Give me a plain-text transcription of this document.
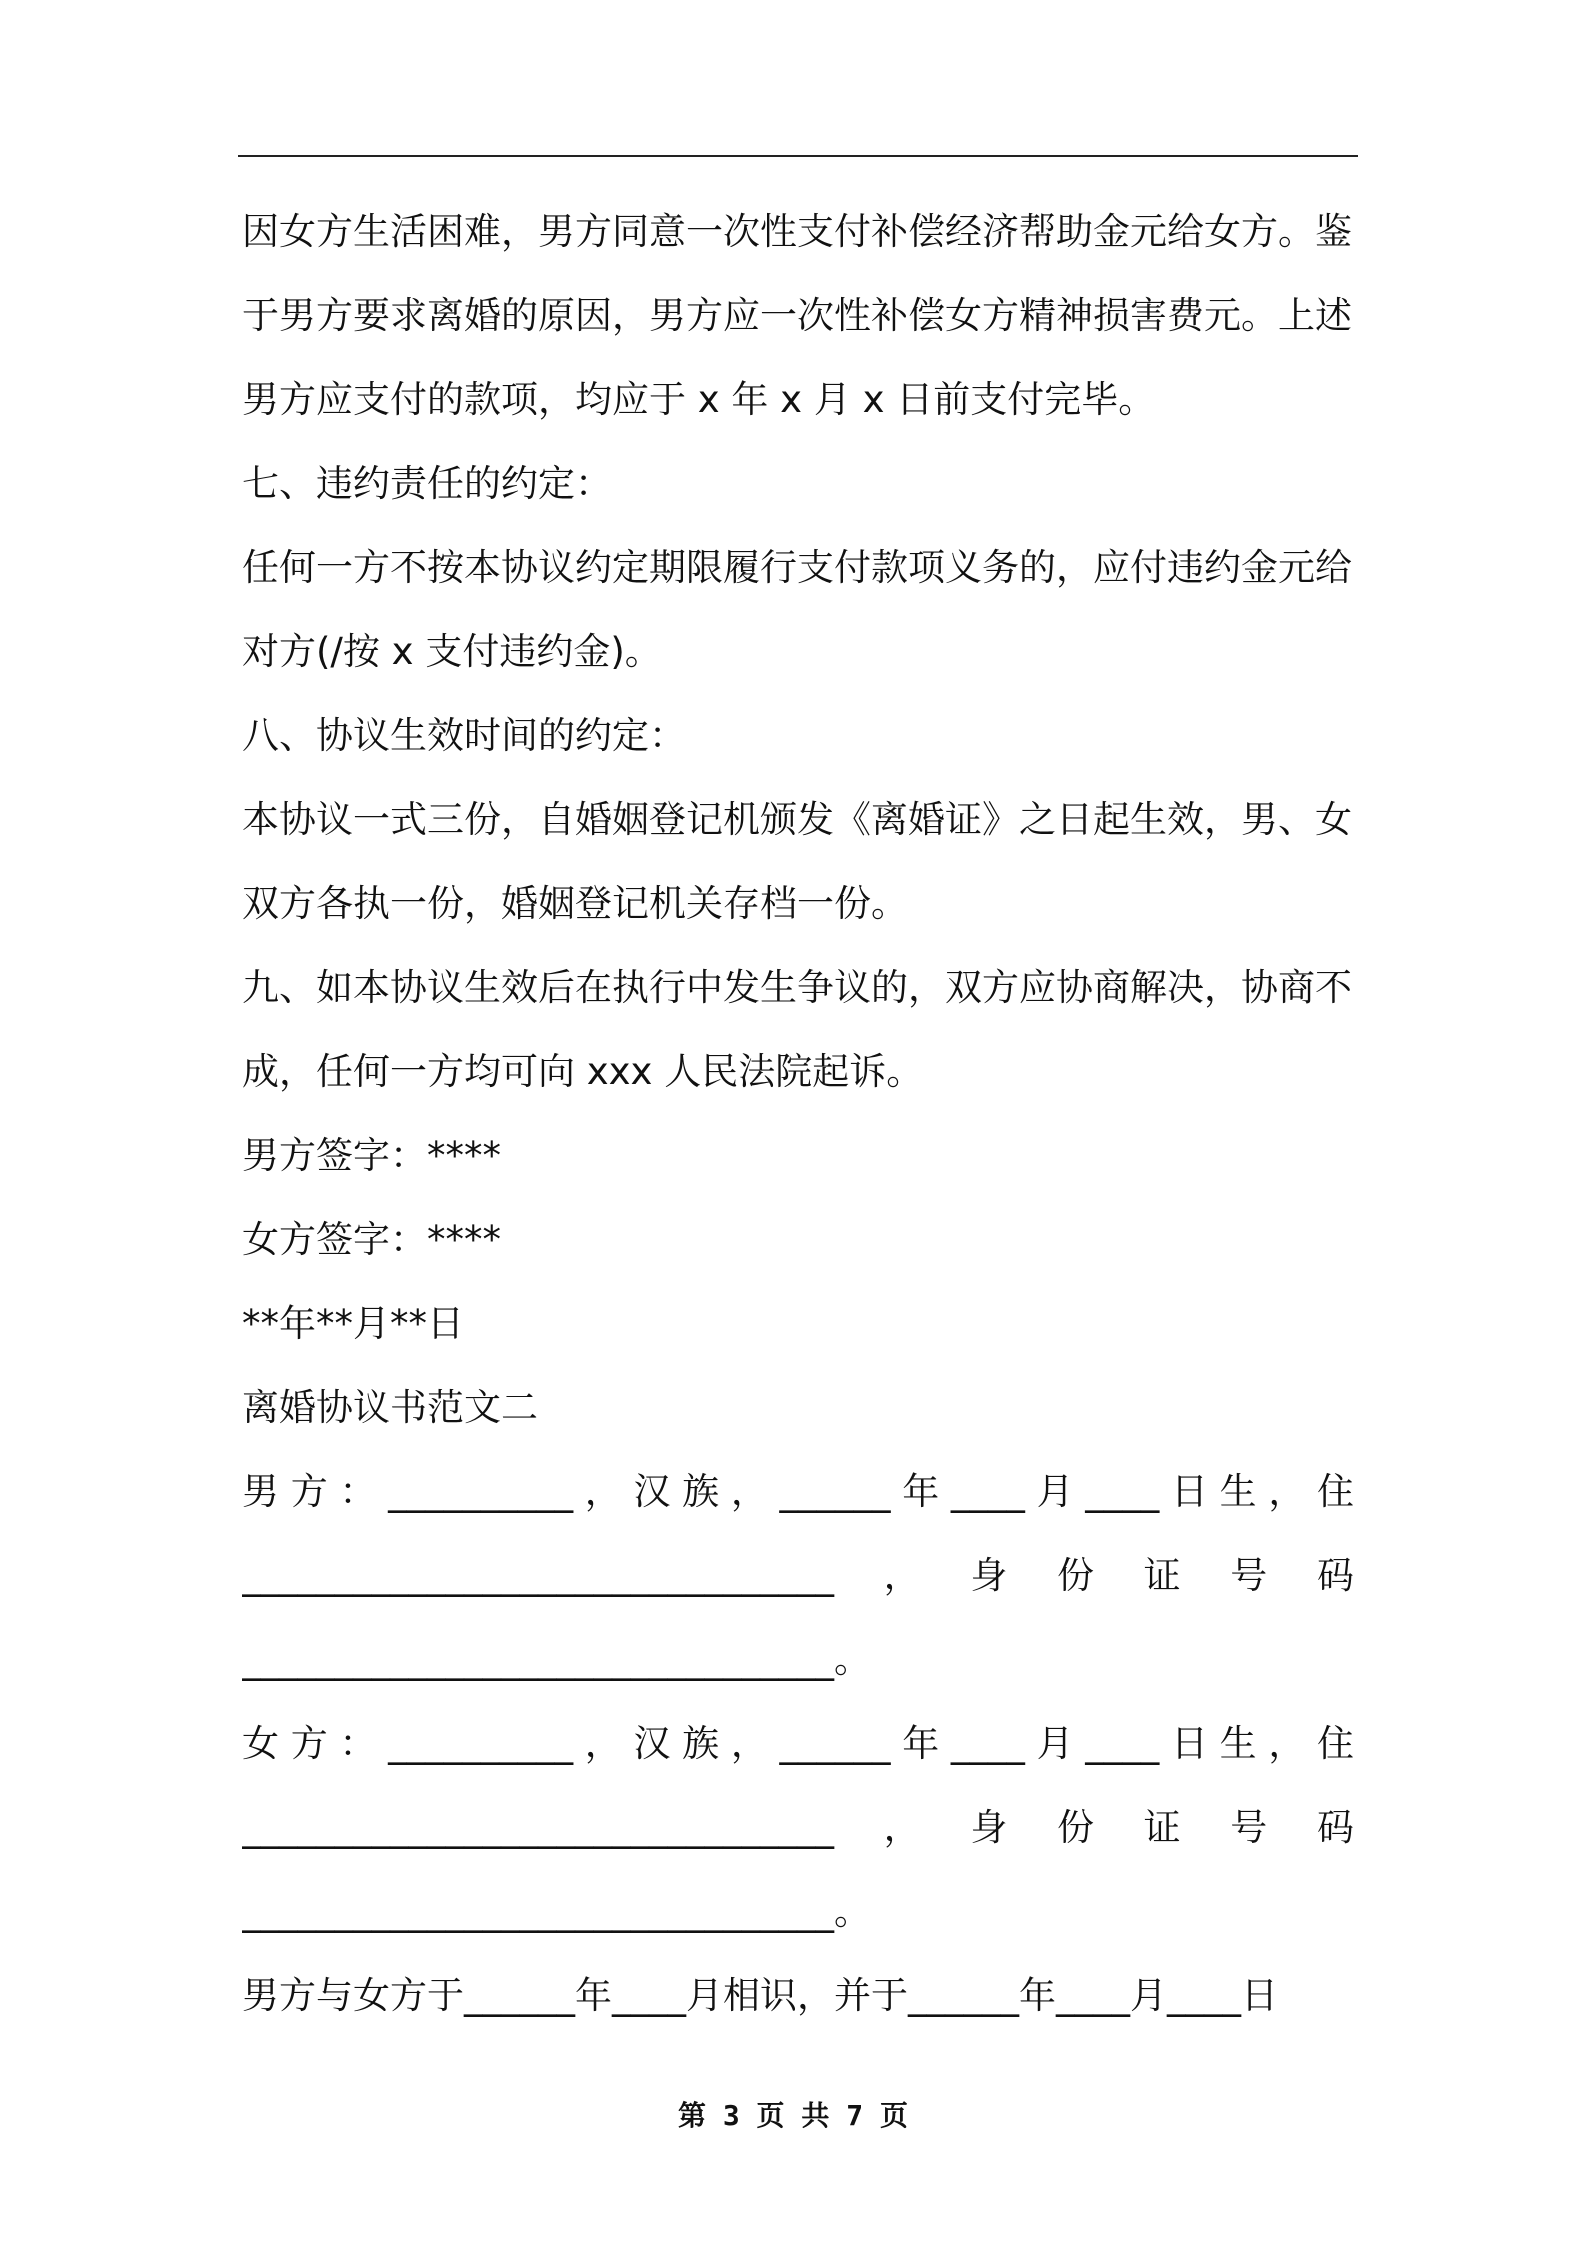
因女方生活困难，男方同意一次性支付补偿经济帮助金元给女方。鉴
于男方要求离婚的原因，男方应一次性补偿女方精神损害费元。上述
男方应支付的款项，均应于 x 年 x 月 x 日前支付完毕。
七、违约责任的约定：
任何一方不按本协议约定期限履行支付款项义务的，应付违约金元给
对方(/按 x 支付违约金)。
八、协议生效时间的约定：
本协议一式三份，自婚姻登记机颁发《离婚证》之日起生效，男、女
双方各执一份，婚姻登记机关存档一份。
九、如本协议生效后在执行中发生争议的，双方应协商解决，协商不
成，任何一方均可向 xxx 人民法院起诉。
男方签字：****
女方签字：****
**年**月**日
离婚协议书范文二
男 方 ： __________ ， 汉 族 ， ______ 年 ____ 月 ____ 日 生 ， 住
________________________________ ， 身 份 证 号 码
________________________________。
女 方 ： __________ ， 汉 族 ， ______ 年 ____ 月 ____ 日 生 ， 住
________________________________ ， 身 份 证 号 码
________________________________。
男方与女方于______年____月相识，并于______年____月____日
第 3 页 共 7 页
